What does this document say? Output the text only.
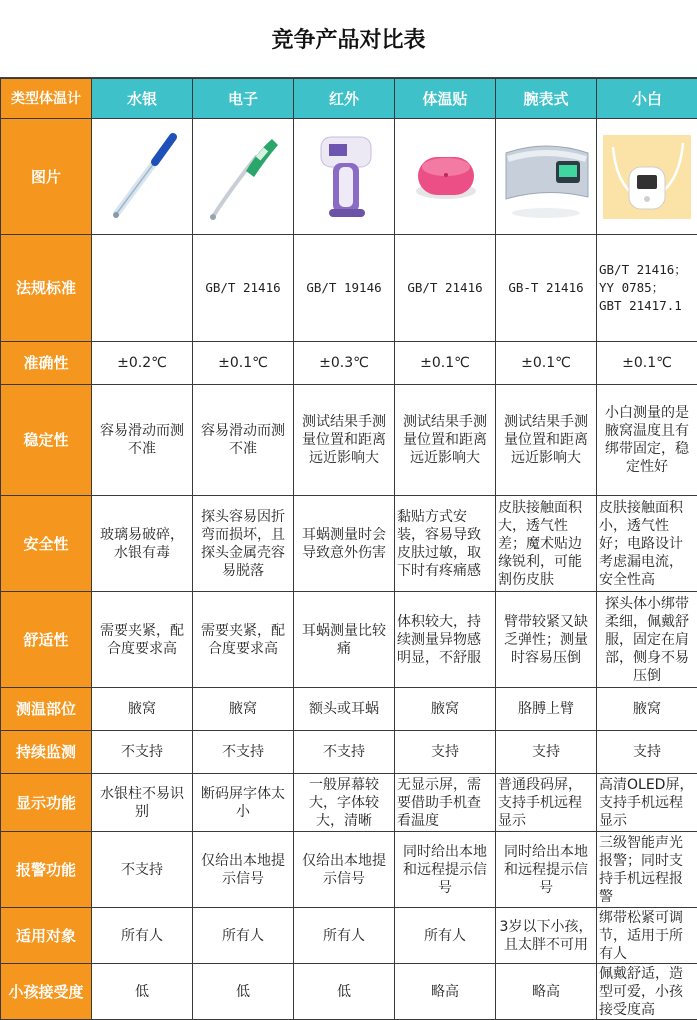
竞争产品对比表
类型体温计	水银	电子	红外	体温贴	腕表式	小白
图片	

法规标准		GB/T 21416	GB/T 19146	GB/T 21416	GB-T 21416	GB/T 21416；
YY 0785；
GBT 21417.1
准确性	±0.2℃	±0.1℃	±0.3℃	±0.1℃	±0.1℃	±0.1℃
稳定性	容易滑动而测不准	容易滑动而测不准	测试结果手测量位置和距离远近影响大	测试结果手测量位置和距离远近影响大	测试结果手测量位置和距离远近影响大	小白测量的是腋窝温度且有绑带固定，稳定性好
安全性	玻璃易破碎，水银有毒	探头容易因折弯而损坏，且探头金属壳容易脱落	耳蜗测量时会导致意外伤害	黏贴方式安装，容易导致皮肤过敏，取下时有疼痛感	皮肤接触面积大，透气性差；魔术贴边缘锐利，可能割伤皮肤	皮肤接触面积小，透气性好；电路设计考虑漏电流，安全性高
舒适性	需要夹紧，配合度要求高	需要夹紧，配合度要求高	耳蜗测量比较痛	体积较大，持续测量异物感明显，不舒服	臂带较紧又缺乏弹性；测量时容易压倒	探头体小绑带柔细，佩戴舒服，固定在肩部，侧身不易压倒
测温部位	腋窝	腋窝	额头或耳蜗	腋窝	胳膊上臂	腋窝
持续监测	不支持	不支持	不支持	支持	支持	支持
显示功能	水银柱不易识别	断码屏字体太小	一般屏幕较大，字体较大，清晰	无显示屏，需要借助手机查看温度	普通段码屏，支持手机远程显示	高清OLED屏，支持手机远程显示
报警功能	不支持	仅给出本地提示信号	仅给出本地提示信号	同时给出本地和远程提示信号	同时给出本地和远程提示信号	三级智能声光报警；同时支持手机远程报警
适用对象	所有人	所有人	所有人	所有人	3岁以下小孩，且太胖不可用	绑带松紧可调节，适用于所有人
小孩接受度	低	低	低	略高	略高	佩戴舒适，造型可爱，小孩接受度高
